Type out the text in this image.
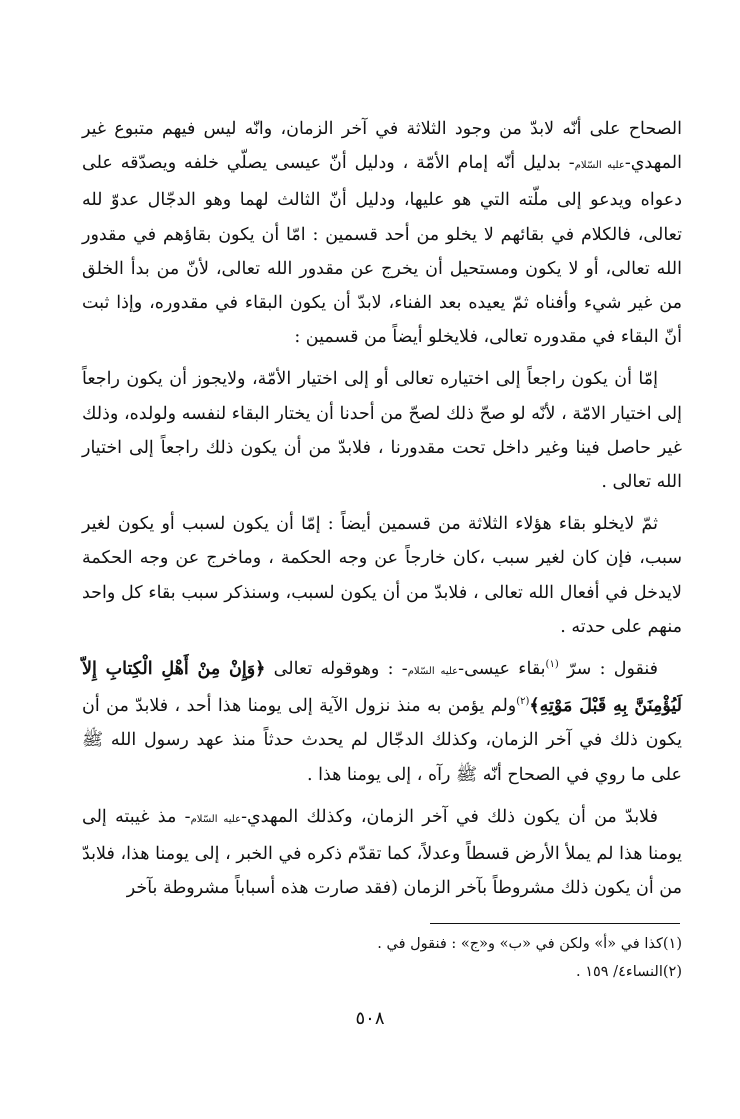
الصحاح على أنّه لابدّ من وجود الثلاثة في آخر الزمان، وانّه ليس فيهم متبوع غير المهدي-عليه السّلام- بدليل أنّه إمام الأمّة ، ودليل أنّ عيسى يصلّي خلفه ويصدّقه على دعواه ويدعو إلى ملّته التي هو عليها، ودليل أنّ الثالث لهما وهو الدجّال عدوّ لله تعالى، فالكلام في بقائهم لا يخلو من أحد قسمين : امّا أن يكون بقاؤهم في مقدور الله تعالى، أو لا يكون ومستحيل أن يخرج عن مقدور الله تعالى، لأنّ من بدأ الخلق من غير شيء وأفناه ثمّ يعيده بعد الفناء، لابدّ أن يكون البقاء في مقدوره، وإذا ثبت أنّ البقاء في مقدوره تعالى، فلايخلو أيضاً من قسمين :

إمّا أن يكون راجعاً إلى اختياره تعالى أو إلى اختيار الأمّة، ولايجوز أن يكون راجعاً إلى اختيار الامّة ، لأنّه لو صحّ ذلك لصحّ من أحدنا أن يختار البقاء لنفسه ولولده، وذلك غير حاصل فينا وغير داخل تحت مقدورنا ، فلابدّ من أن يكون ذلك راجعاً إلى اختيار الله تعالى .

ثمّ لايخلو بقاء هؤلاء الثلاثة من قسمين أيضاً : إمّا أن يكون لسبب أو يكون لغير سبب، فإن كان لغير سبب ،كان خارجاً عن وجه الحكمة ، وماخرج عن وجه الحكمة لايدخل في أفعال الله تعالى ، فلابدّ من أن يكون لسبب، وسنذكر سبب بقاء كل واحد منهم على حدته .

فنقول : سرّ $^{(١)}$بقاء عيسى-عليه السّلام- : وهوقوله تعالى ﴿وَإِنْ مِنْ أَهْلِ الْكِتابِ إِلاّ لَيُؤْمِنَنَّ بِهِ قَبْلَ مَوْتِهِ﴾$^{(٢)}$ولم يؤمن به منذ نزول الآية إلى يومنا هذا أحد ، فلابدّ من أن يكون ذلك في آخر الزمان، وكذلك الدجّال لم يحدث حدثاً منذ عهد رسول الله ﷺ على ما روي في الصحاح أنّه ﷺ رآه ، إلى يومنا هذا .

فلابدّ من أن يكون ذلك في آخر الزمان، وكذلك المهدي-عليه السّلام- مذ غيبته إلى يومنا هذا لم يملأ الأرض قسطاً وعدلاً، كما تقدّم ذكره في الخبر ، إلى يومنا هذا، فلابدّ من أن يكون ذلك مشروطاً بآخر الزمان (فقد صارت هذه أسباباً مشروطة بآخر

(١)كذا في «أ» ولكن في «ب» و«ج» : فنقول في .
(٢)النساء٤/ ١٥٩ .
٥٠٨
